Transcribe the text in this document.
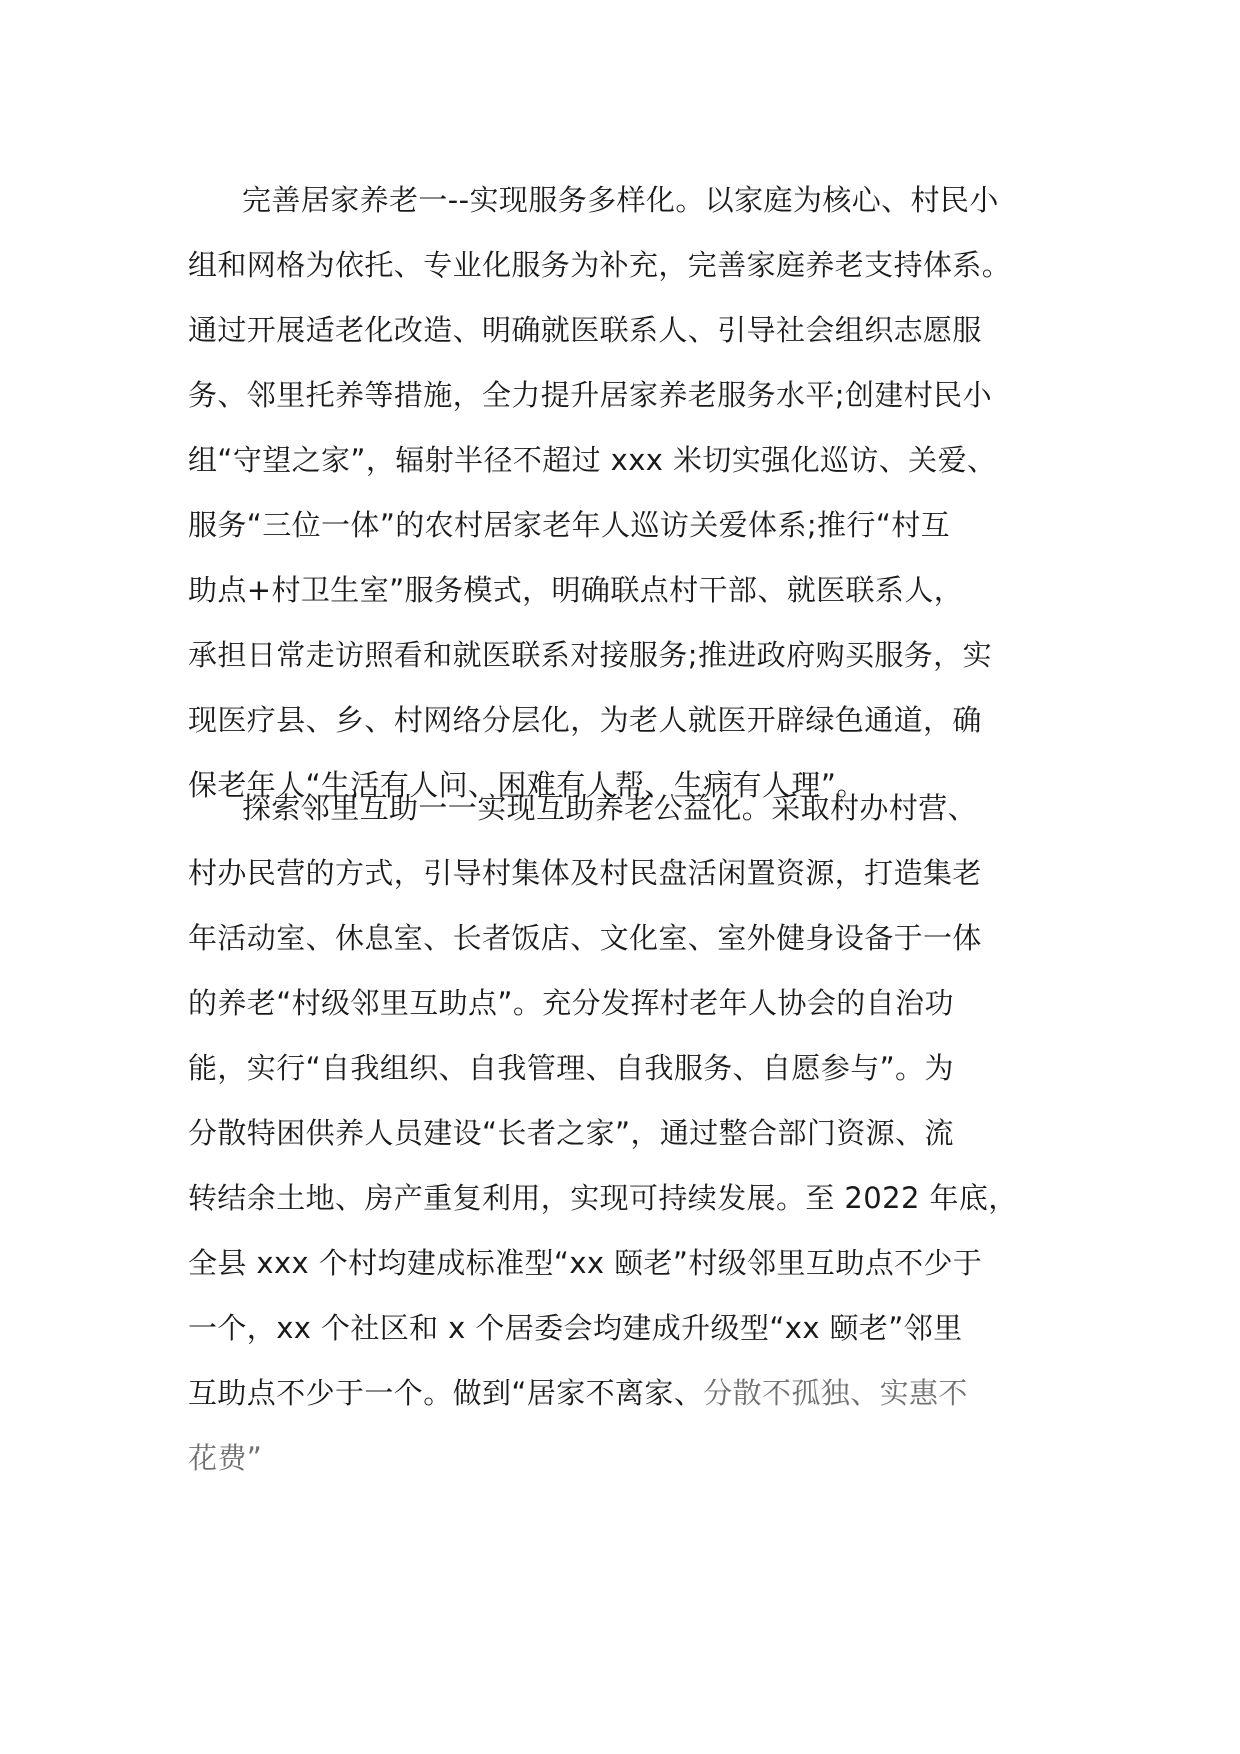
完善居家养老一--实现服务多样化。以家庭为核心、村民小
组和网格为依托、专业化服务为补充，完善家庭养老支持体系。
通过开展适老化改造、明确就医联系人、引导社会组织志愿服
务、邻里托养等措施，全力提升居家养老服务水平;创建村民小
组“守望之家”，辐射半径不超过 xxx 米切实强化巡访、关爱、
服务“三位一体”的农村居家老年人巡访关爱体系;推行“村互
助点+村卫生室”服务模式，明确联点村干部、就医联系人，
承担日常走访照看和就医联系对接服务;推进政府购买服务，实
现医疗县、乡、村网络分层化，为老人就医开辟绿色通道，确
保老年人“生活有人问、困难有人帮、生病有人理”。
探索邻里互助一一实现互助养老公益化。采取村办村营、
村办民营的方式，引导村集体及村民盘活闲置资源，打造集老
年活动室、休息室、长者饭店、文化室、室外健身设备于一体
的养老“村级邻里互助点”。充分发挥村老年人协会的自治功
能，实行“自我组织、自我管理、自我服务、自愿参与”。为
分散特困供养人员建设“长者之家”，通过整合部门资源、流
转结余土地、房产重复利用，实现可持续发展。至 2022 年底，
全县 xxx 个村均建成标准型“xx 颐老”村级邻里互助点不少于
一个，xx 个社区和 x 个居委会均建成升级型“xx 颐老”邻里
互助点不少于一个。做到“居家不离家、分散不孤独、实惠不
花费”
